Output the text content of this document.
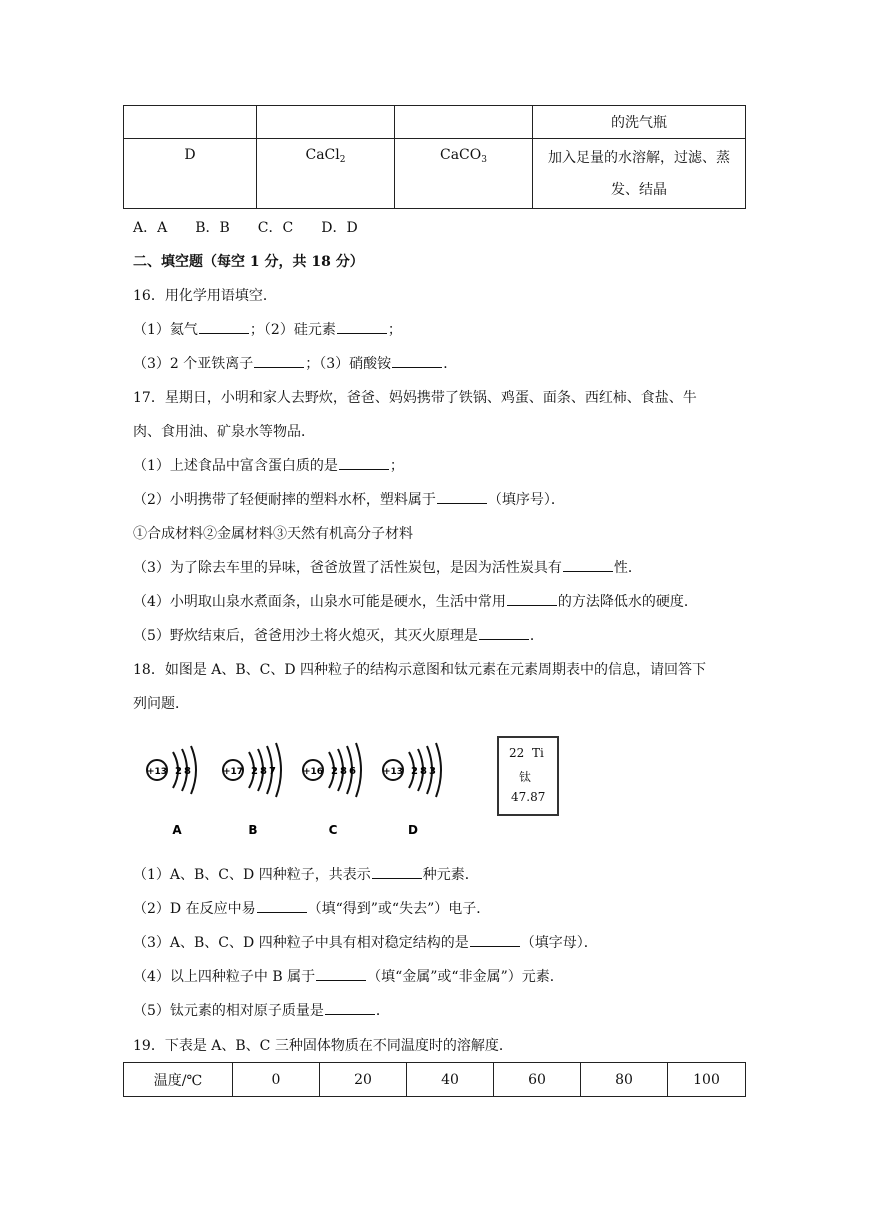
			的洗气瓶
D	CaCl$_2$	CaCO$_3$	加入足量的水溶解，过滤、蒸
发、结晶
A．A　　B．B　　C．C　　D．D
二、填空题（每空 1 分，共 18 分）
16．用化学用语填空．
（1）氦气	；（2）硅元素	；
（3）2 个亚铁离子	；（3）硝酸铵	．
17．星期日，小明和家人去野炊，爸爸、妈妈携带了铁锅、鸡蛋、面条、西红柿、食盐、牛
肉、食用油、矿泉水等物品．
（1）上述食品中富含蛋白质的是	；
（2）小明携带了轻便耐摔的塑料水杯，塑料属于	（填序号）．
①合成材料②金属材料③天然有机高分子材料
（3）为了除去车里的异味，爸爸放置了活性炭包，是因为活性炭具有	性．
（4）小明取山泉水煮面条，山泉水可能是硬水，生活中常用	的方法降低水的硬度．
（5）野炊结束后，爸爸用沙土将火熄灭，其灭火原理是	．
18．如图是 A、B、C、D 四种粒子的结构示意图和钛元素在元素周期表中的信息，请回答下
列问题．
+13 2 8
A
+17 2 8 7
B
+16 2 8 6
C
+13 2 8 3
D
22 Ti
钛
47.87
（1）A、B、C、D 四种粒子，共表示	种元素．
（2）D 在反应中易	（填“得到”或“失去”）电子．
（3）A、B、C、D 四种粒子中具有相对稳定结构的是	（填字母）．
（4）以上四种粒子中 B 属于	（填“金属”或“非金属”）元素．
（5）钛元素的相对原子质量是	．
19．下表是 A、B、C 三种固体物质在不同温度时的溶解度．
温度/℃	0	20	40	60	80	100
